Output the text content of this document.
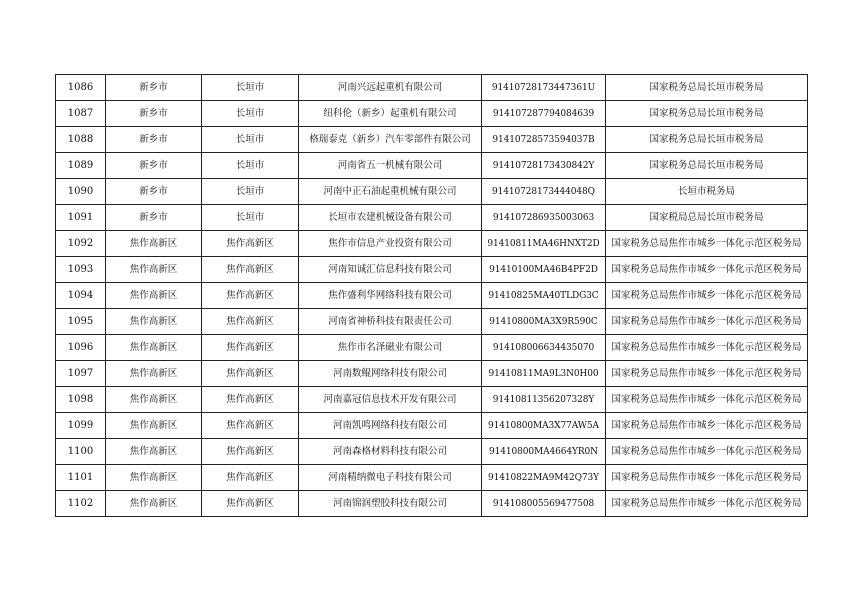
1086	新乡市	长垣市	河南兴远起重机有限公司	91410728173447361U	国家税务总局长垣市税务局
1087	新乡市	长垣市	纽科伦（新乡）起重机有限公司	914107287794084639	国家税务总局长垣市税务局
1088	新乡市	长垣市	格瑞泰克（新乡）汽车零部件有限公司	91410728573594037B	国家税务总局长垣市税务局
1089	新乡市	长垣市	河南省五一机械有限公司	91410728173430842Y	国家税务总局长垣市税务局
1090	新乡市	长垣市	河南中正石油起重机械有限公司	91410728173444048Q	长垣市税务局
1091	新乡市	长垣市	长垣市农建机械设备有限公司	914107286935003063	国家税局总局长垣市税务局
1092	焦作高新区	焦作高新区	焦作市信息产业投资有限公司	91410811MA46HNXT2D	国家税务总局焦作市城乡一体化示范区税务局
1093	焦作高新区	焦作高新区	河南知诚汇信息科技有限公司	91410100MA46B4PF2D	国家税务总局焦作市城乡一体化示范区税务局
1094	焦作高新区	焦作高新区	焦作盛利华网络科技有限公司	91410825MA40TLDG3C	国家税务总局焦作市城乡一体化示范区税务局
1095	焦作高新区	焦作高新区	河南省神桥科技有限责任公司	91410800MA3X9R590C	国家税务总局焦作市城乡一体化示范区税务局
1096	焦作高新区	焦作高新区	焦作市名泽磁业有限公司	914108006634435070	国家税务总局焦作市城乡一体化示范区税务局
1097	焦作高新区	焦作高新区	河南数鲲网络科技有限公司	91410811MA9L3N0H00	国家税务总局焦作市城乡一体化示范区税务局
1098	焦作高新区	焦作高新区	河南嘉冠信息技术开发有限公司	91410811356207328Y	国家税务总局焦作市城乡一体化示范区税务局
1099	焦作高新区	焦作高新区	河南凯鸣网络科技有限公司	91410800MA3X77AW5A	国家税务总局焦作市城乡一体化示范区税务局
1100	焦作高新区	焦作高新区	河南森格材料科技有限公司	91410800MA4664YR0N	国家税务总局焦作市城乡一体化示范区税务局
1101	焦作高新区	焦作高新区	河南精纳微电子科技有限公司	91410822MA9M42Q73Y	国家税务总局焦作市城乡一体化示范区税务局
1102	焦作高新区	焦作高新区	河南锦润塑胶科技有限公司	914108005569477508	国家税务总局焦作市城乡一体化示范区税务局
